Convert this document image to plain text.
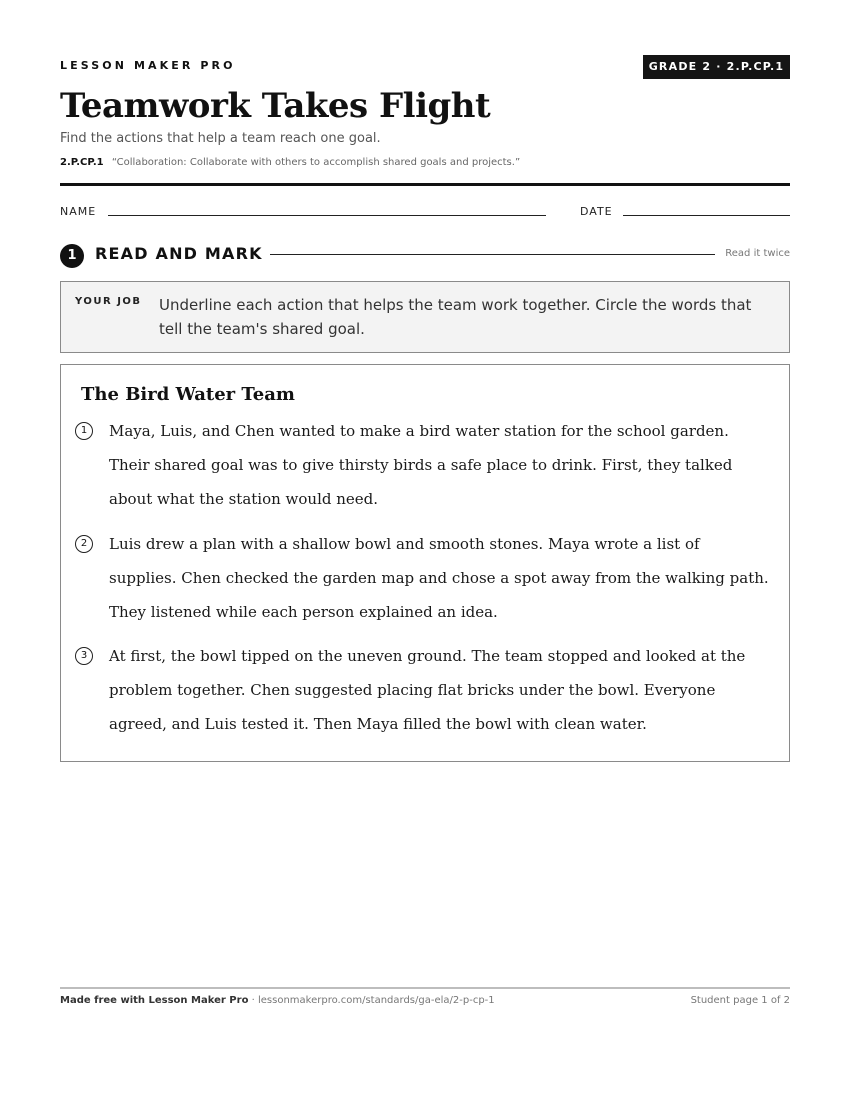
LESSON MAKER PRO	GRADE 2 · 2.P.CP.1
Teamwork Takes Flight
Find the actions that help a team reach one goal.
2.P.CP.1 “Collaboration: Collaborate with others to accomplish shared goals and projects.”
NAME	DATE
1	READ AND MARK	Read it twice
YOUR JOB Underline each action that helps the team work together. Circle the words that tell the team's shared goal.
The Bird Water Team
1	Maya, Luis, and Chen wanted to make a bird water station for the school garden. Their shared goal was to give thirsty birds a safe place to drink. First, they talked about what the station would need.
2	Luis drew a plan with a shallow bowl and smooth stones. Maya wrote a list of supplies. Chen checked the garden map and chose a spot away from the walking path. They listened while each person explained an idea.
3	At first, the bowl tipped on the uneven ground. The team stopped and looked at the problem together. Chen suggested placing flat bricks under the bowl. Everyone agreed, and Luis tested it. Then Maya filled the bowl with clean water.
Made free with Lesson Maker Pro · lessonmakerpro.com/standards/ga-ela/2-p-cp-1	Student page 1 of 2
